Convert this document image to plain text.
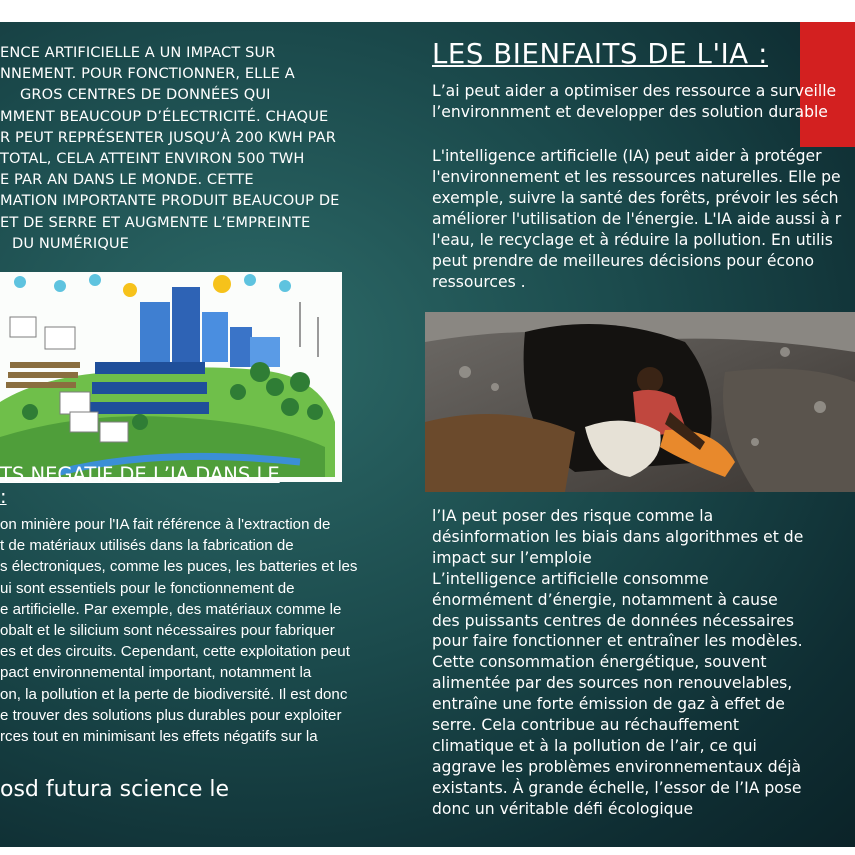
ENCE ARTIFICIELLE A UN IMPACT SUR
NNEMENT. POUR FONCTIONNER, ELLE A
GROS CENTRES DE DONNÉES QUI
MMENT BEAUCOUP D’ÉLECTRICITÉ. CHAQUE
R PEUT REPRÉSENTER JUSQU’À 200 KWH PAR
TOTAL, CELA ATTEINT ENVIRON 500 TWH
E PAR AN DANS LE MONDE. CETTE
MATION IMPORTANTE PRODUIT BEAUCOUP DE
ET DE SERRE ET AUGMENTE L’EMPREINTE
DU NUMÉRIQUE

TS NEGATIF DE L’IA DANS LE
:

on minière pour l'IA fait référence à l'extraction de
t de matériaux utilisés dans la fabrication de
s électroniques, comme les puces, les batteries et les
ui sont essentiels pour le fonctionnement de
e artificielle. Par exemple, des matériaux comme le
obalt et le silicium sont nécessaires pour fabriquer
es et des circuits. Cependant, cette exploitation peut
pact environnemental important, notamment la
on, la pollution et la perte de biodiversité. Il est donc
e trouver des solutions plus durables pour exploiter
rces tout en minimisant les effets négatifs sur la

osd futura science le

LES BIENFAITS DE L'IA :

L’ai peut aider a optimiser des ressource a surveille
l’environnment et developper des solution durable

L'intelligence artificielle (IA) peut aider à protéger
l'environnement et les ressources naturelles. Elle pe
exemple, suivre la santé des forêts, prévoir les séch
améliorer l'utilisation de l'énergie. L'IA aide aussi à r
l'eau, le recyclage et à réduire la pollution. En utilis
peut prendre de meilleures décisions pour écono
ressources .

l’IA peut poser des risque comme la
désinformation les biais dans algorithmes et de
impact sur l’emploie
L’intelligence artificielle consomme
énormément d’énergie, notamment à cause
des puissants centres de données nécessaires
pour faire fonctionner et entraîner les modèles.
Cette consommation énergétique, souvent
alimentée par des sources non renouvelables,
entraîne une forte émission de gaz à effet de
serre. Cela contribue au réchauffement
climatique et à la pollution de l’air, ce qui
aggrave les problèmes environnementaux déjà
existants. À grande échelle, l’essor de l’IA pose
donc un véritable défi écologique
